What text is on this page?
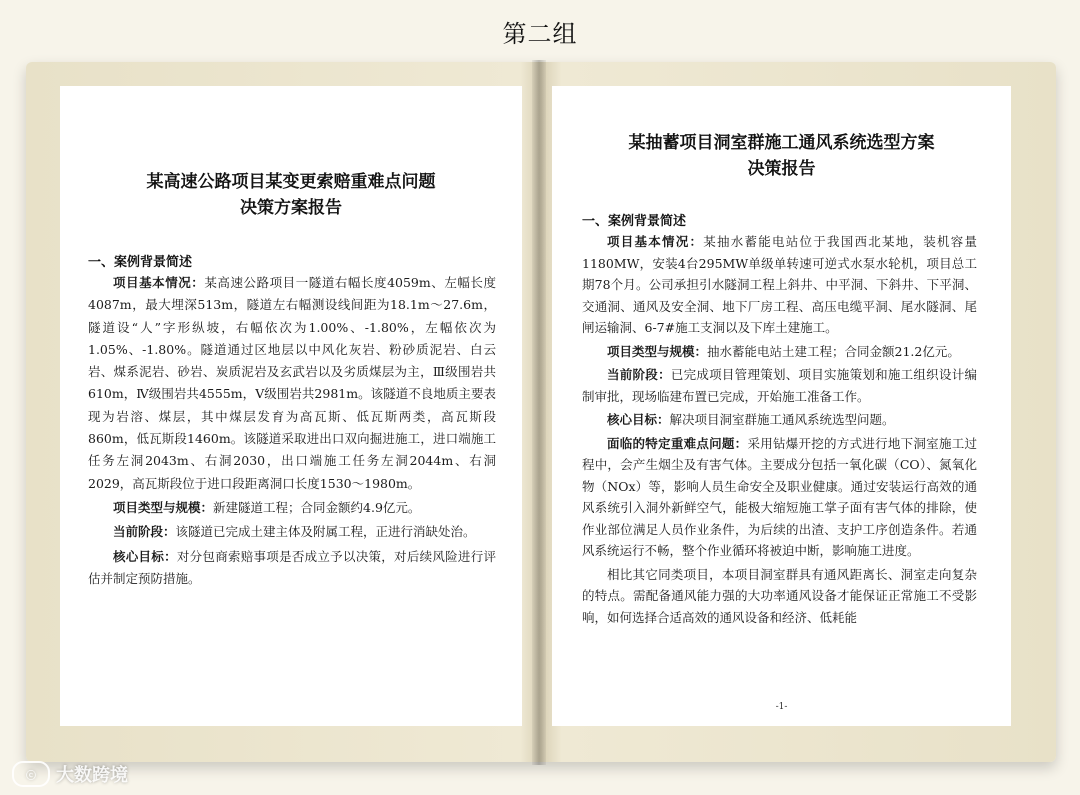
第二组
某高速公路项目某变更索赔重难点问题
决策方案报告
一、案例背景简述
项目基本情况：某高速公路项目一隧道右幅长度4059m、左幅长度4087m，最大埋深513m，隧道左右幅测设线间距为18.1m～27.6m，隧道设“人”字形纵坡，右幅依次为1.00%、-1.80%，左幅依次为1.05%、-1.80%。隧道通过区地层以中风化灰岩、粉砂质泥岩、白云岩、煤系泥岩、砂岩、炭质泥岩及玄武岩以及劣质煤层为主，Ⅲ级围岩共610m，Ⅳ级围岩共4555m，Ⅴ级围岩共2981m。该隧道不良地质主要表现为岩溶、煤层，其中煤层发育为高瓦斯、低瓦斯两类，高瓦斯段860m，低瓦斯段1460m。该隧道采取进出口双向掘进施工，进口端施工任务左洞2043m、右洞2030，出口端施工任务左洞2044m、右洞2029，高瓦斯段位于进口段距离洞口长度1530～1980m。
项目类型与规模：新建隧道工程；合同金额约4.9亿元。
当前阶段：该隧道已完成土建主体及附属工程，正进行消缺处治。
核心目标：对分包商索赔事项是否成立予以决策，对后续风险进行评估并制定预防措施。
某抽蓄项目洞室群施工通风系统选型方案
决策报告
一、案例背景简述
项目基本情况：某抽水蓄能电站位于我国西北某地，装机容量1180MW，安装4台295MW单级单转速可逆式水泵水轮机，项目总工期78个月。公司承担引水隧洞工程上斜井、中平洞、下斜井、下平洞、交通洞、通风及安全洞、地下厂房工程、高压电缆平洞、尾水隧洞、尾闸运输洞、6-7#施工支洞以及下库土建施工。
项目类型与规模：抽水蓄能电站土建工程；合同金额21.2亿元。
当前阶段：已完成项目管理策划、项目实施策划和施工组织设计编制审批，现场临建布置已完成，开始施工准备工作。
核心目标：解决项目洞室群施工通风系统选型问题。
面临的特定重难点问题：采用钻爆开挖的方式进行地下洞室施工过程中，会产生烟尘及有害气体。主要成分包括一氧化碳（CO）、氮氧化物（NOx）等，影响人员生命安全及职业健康。通过安装运行高效的通风系统引入洞外新鲜空气，能极大缩短施工掌子面有害气体的排除，使作业部位满足人员作业条件，为后续的出渣、支护工序创造条件。若通风系统运行不畅，整个作业循环将被迫中断，影响施工进度。
相比其它同类项目，本项目洞室群具有通风距离长、洞室走向复杂的特点。需配备通风能力强的大功率通风设备才能保证正常施工不受影响，如何选择合适高效的通风设备和经济、低耗能
-1-
ⓒ	大数跨境
